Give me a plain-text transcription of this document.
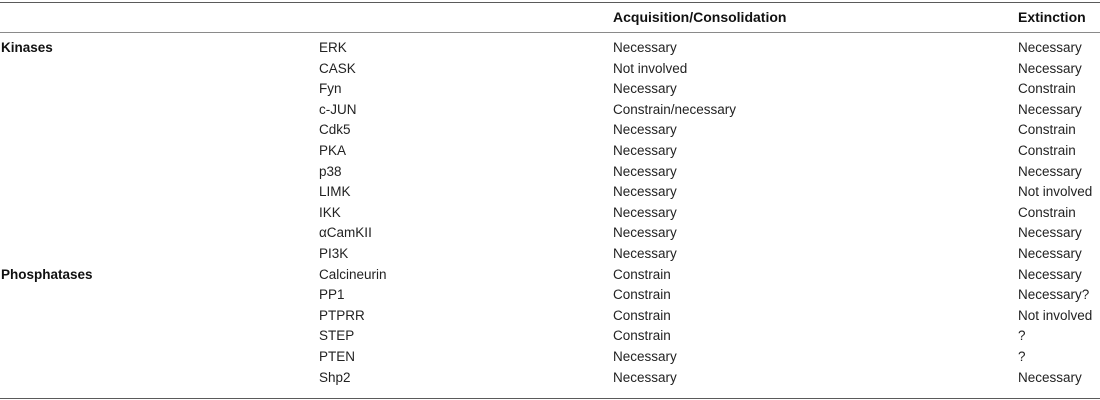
Acquisition/Consolidation	Extinction
Kinases	ERK	Necessary	Necessary
CASK	Not involved	Necessary
Fyn	Necessary	Constrain
c-JUN	Constrain/necessary	Necessary
Cdk5	Necessary	Constrain
PKA	Necessary	Constrain
p38	Necessary	Necessary
LIMK	Necessary	Not involved
IKK	Necessary	Constrain
αCamKII	Necessary	Necessary
PI3K	Necessary	Necessary
Phosphatases	Calcineurin	Constrain	Necessary
PP1	Constrain	Necessary?
PTPRR	Constrain	Not involved
STEP	Constrain	?
PTEN	Necessary	?
Shp2	Necessary	Necessary
